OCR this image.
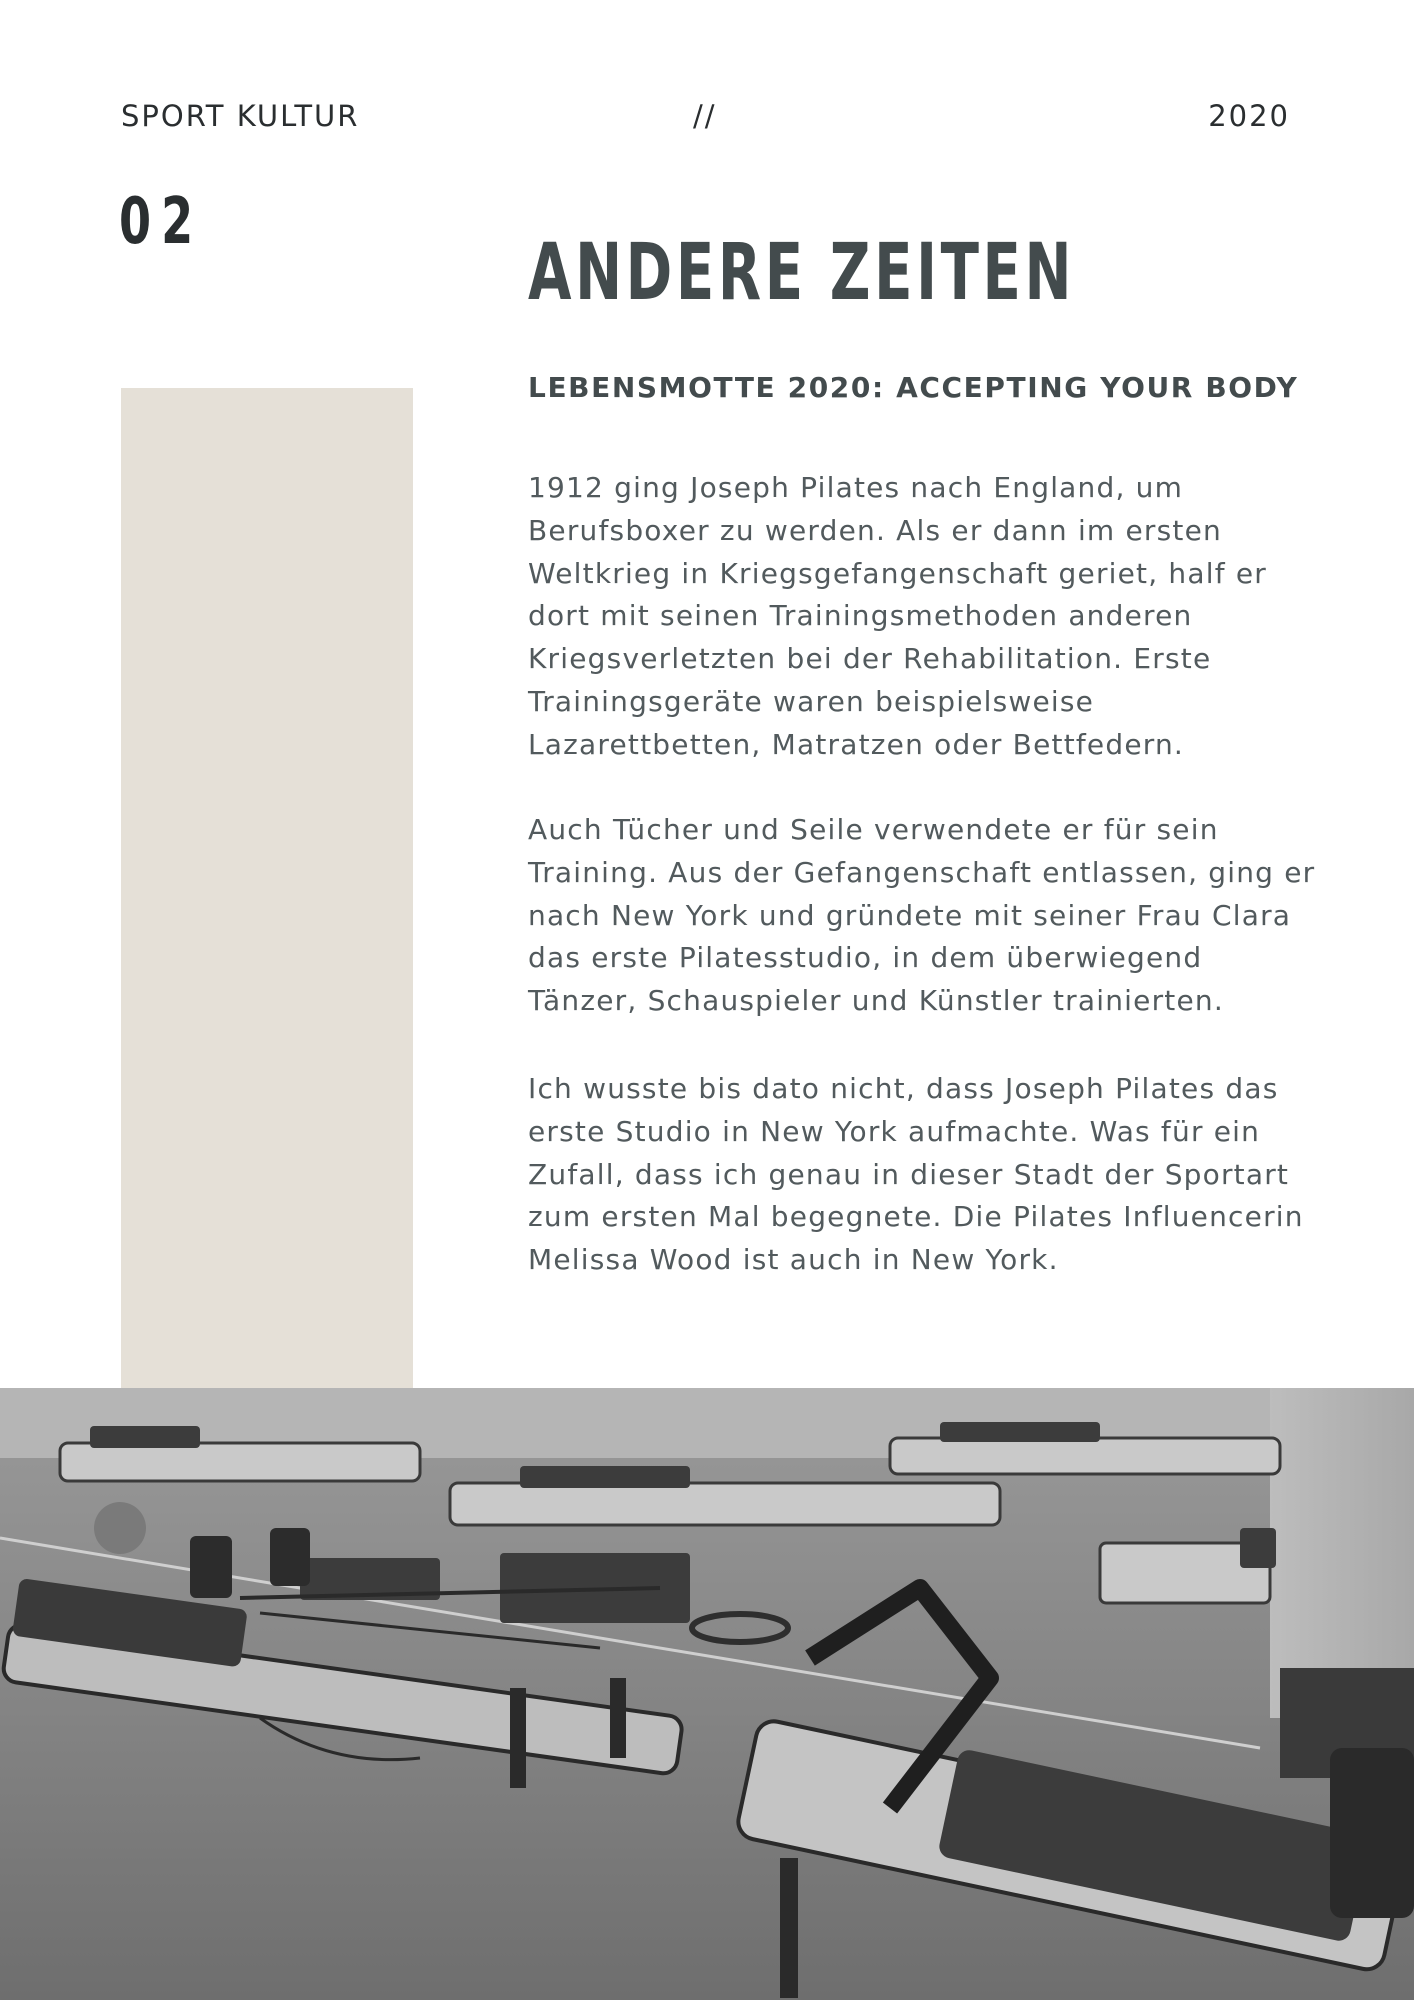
SPORT KULTUR	//	2020
02
ANDERE ZEITEN
LEBENSMOTTE 2020: ACCEPTING YOUR BODY

1912 ging Joseph Pilates nach England, um
Berufsboxer zu werden. Als er dann im ersten
Weltkrieg in Kriegsgefangenschaft geriet, half er
dort mit seinen Trainingsmethoden anderen
Kriegsverletzten bei der Rehabilitation. Erste
Trainingsgeräte waren beispielsweise
Lazarettbetten, Matratzen oder Bettfedern.

Auch Tücher und Seile verwendete er für sein
Training. Aus der Gefangenschaft entlassen, ging er
nach New York und gründete mit seiner Frau Clara
das erste Pilatesstudio, in dem überwiegend
Tänzer, Schauspieler und Künstler trainierten.

Ich wusste bis dato nicht, dass Joseph Pilates das
erste Studio in New York aufmachte. Was für ein
Zufall, dass ich genau in dieser Stadt der Sportart
zum ersten Mal begegnete. Die Pilates Influencerin
Melissa Wood ist auch in New York.
